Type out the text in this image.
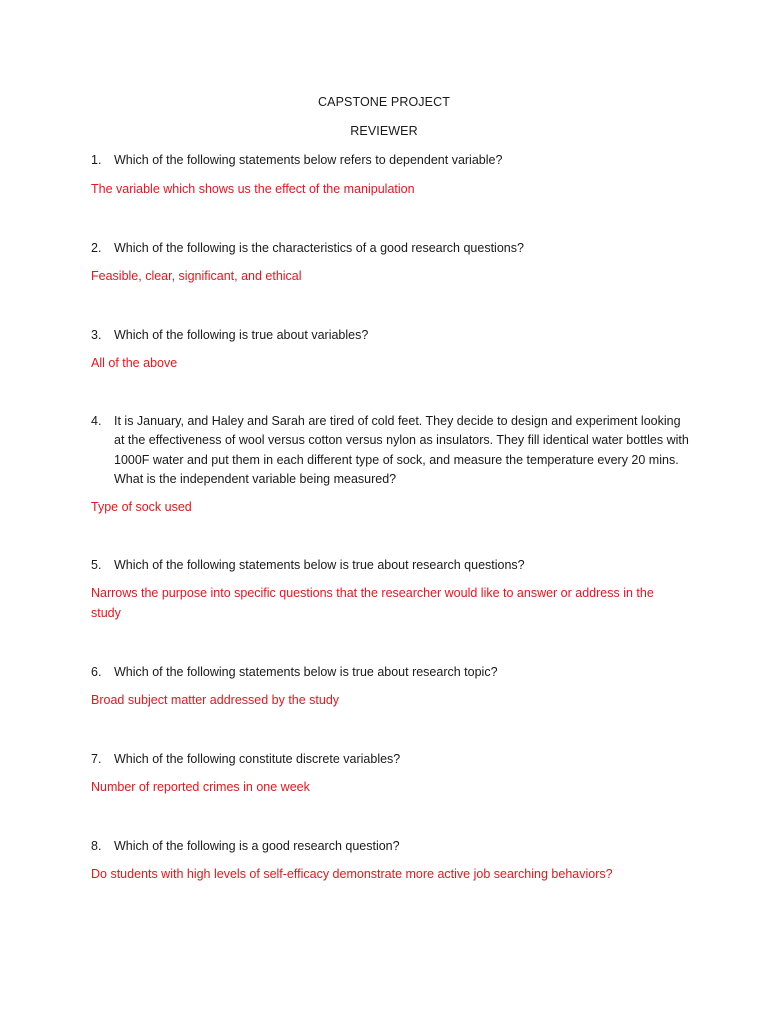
CAPSTONE PROJECT
REVIEWER
1. Which of the following statements below refers to dependent variable?
The variable which shows us the effect of the manipulation
2. Which of the following is the characteristics of a good research questions?
Feasible, clear, significant, and ethical
3. Which of the following is true about variables?
All of the above
4. It is January, and Haley and Sarah are tired of cold feet. They decide to design and experiment looking at the effectiveness of wool versus cotton versus nylon as insulators. They fill identical water bottles with 1000F water and put them in each different type of sock, and measure the temperature every 20 mins. What is the independent variable being measured?
Type of sock used
5. Which of the following statements below is true about research questions?
Narrows the purpose into specific questions that the researcher would like to answer or address in the study
6. Which of the following statements below is true about research topic?
Broad subject matter addressed by the study
7. Which of the following constitute discrete variables?
Number of reported crimes in one week
8. Which of the following is a good research question?
Do students with high levels of self-efficacy demonstrate more active job searching behaviors?
